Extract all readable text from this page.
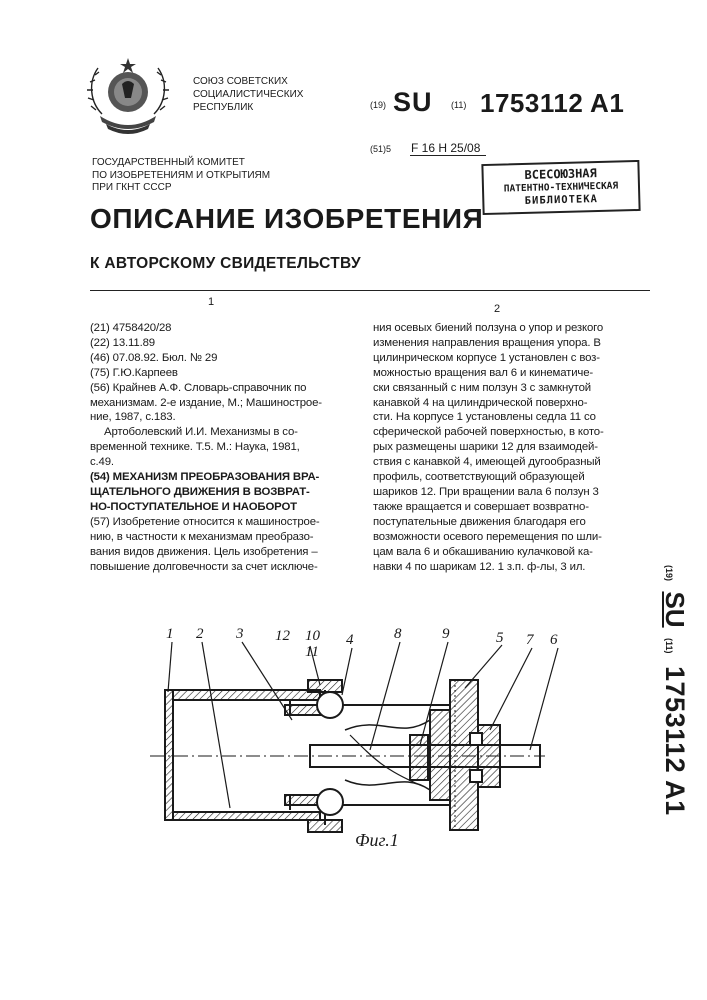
СОЮЗ СОВЕТСКИХ
СОЦИАЛИСТИЧЕСКИХ
РЕСПУБЛИК	(19) SU (11) 1753112 A1
(51)5 F 16 H 25/08
ГОСУДАРСТВЕННЫЙ КОМИТЕТ
ПО ИЗОБРЕТЕНИЯМ И ОТКРЫТИЯМ
ПРИ ГКНТ СССР
ВСЕСОЮЗНАЯ
ПАТЕНТНО-ТЕХНИЧЕСКАЯ
БИБЛИОТЕКА
ОПИСАНИЕ ИЗОБРЕТЕНИЯ
К АВТОРСКОМУ СВИДЕТЕЛЬСТВУ
1
2

(21) 4758420/28

(22) 13.11.89

(46) 07.08.92. Бюл. № 29

(75) Г.Ю.Карпеев

(56) Крайнев А.Ф. Словарь-справочник по

механизмам. 2-е издание, М.; Машинострое-

ние, 1987, с.183.

Артоболевский И.И. Механизмы в со-

временной технике. Т.5. М.: Наука, 1981,

с.49.

(54) МЕХАНИЗМ ПРЕОБРАЗОВАНИЯ ВРА-

ЩАТЕЛЬНОГО ДВИЖЕНИЯ В ВОЗВРАТ-

НО-ПОСТУПАТЕЛЬНОЕ И НАОБОРОТ

(57) Изобретение относится к машинострое-

нию, в частности к механизмам преобразо-

вания видов движения. Цель изобретения –

повышение долговечности за счет исключе-

ния осевых биений ползуна о упор и резкого

изменения направления вращения упора. В

цилинрическом корпусе 1 установлен с воз-

можностью вращения вал 6 и кинематиче-

ски связанный с ним ползун 3 с замкнутой

канавкой 4 на цилиндрической поверхно-

сти. На корпусе 1 установлены седла 11 со

сферической рабочей поверхностью, в кото-

рых размещены шарики 12 для взаимодей-

ствия с канавкой 4, имеющей дугообразный

профиль, соответствующий образующей

шариков 12. При вращении вала 6 ползун 3

также вращается и совершает возвратно-

поступательные движения благодаря его

возможности осевого перемещения по шли-

цам вала 6 и обкашиванию кулачковой ка-

навки 4 по шарикам 12. 1 з.п. ф-лы, 3 ил.	(19) SU (11) 1753112 A1
1 2 3 12 10
11
4	8	9	5 7 6
Фиг.1
